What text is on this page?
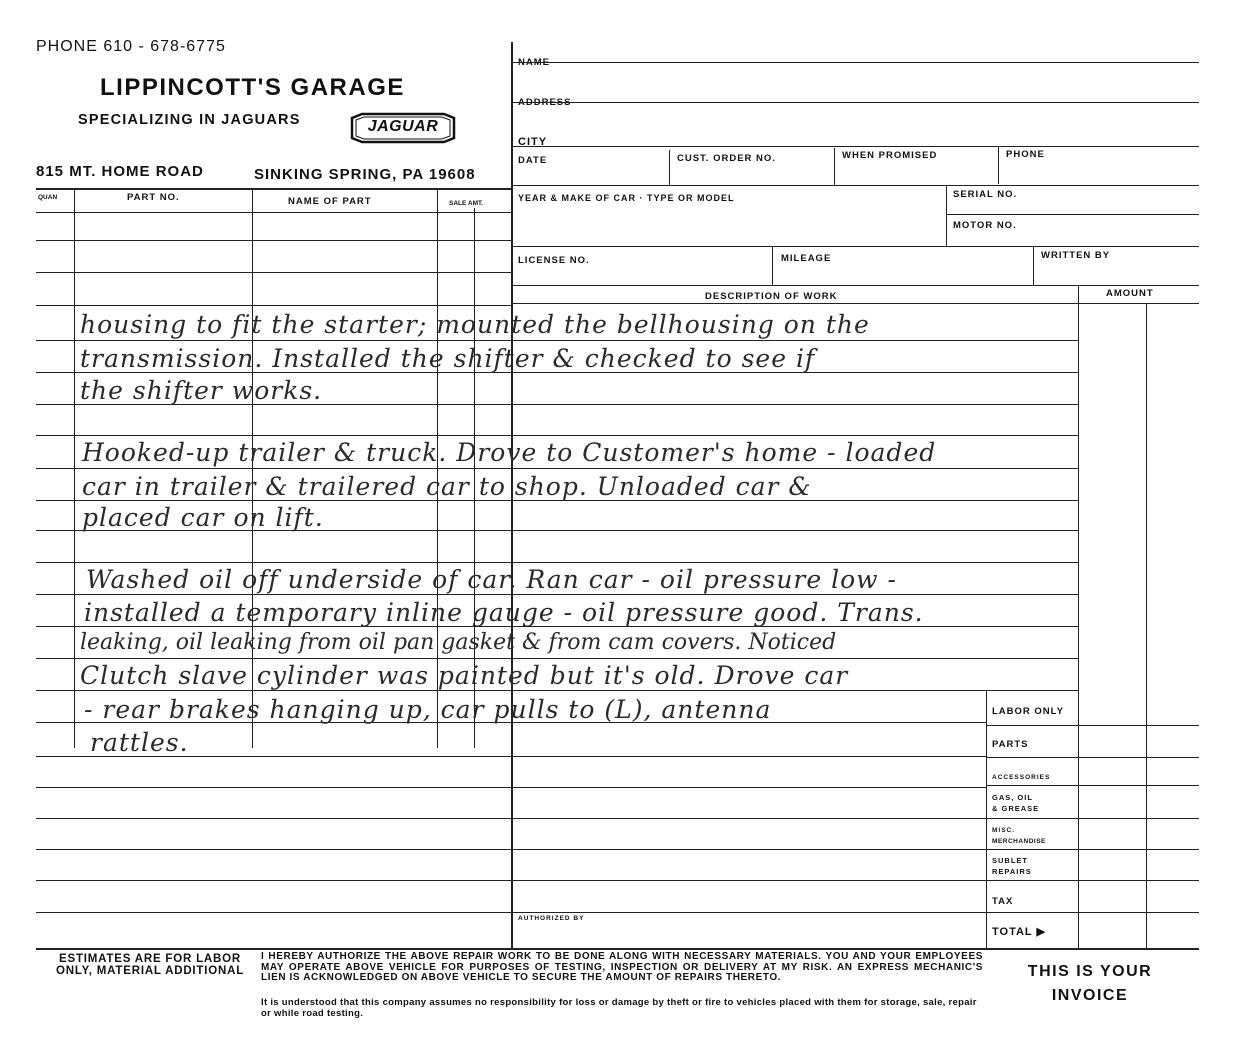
PHONE 610 - 678-6775
LIPPINCOTT'S GARAGE
SPECIALIZING IN JAGUARS	JAGUAR
815 MT. HOME ROAD	SINKING SPRING, PA 19608
QUAN	PART NO.	NAME OF PART	SALE AMT.
NAME
ADDRESS
CITY
DATE	CUST. ORDER NO.	WHEN PROMISED	PHONE
YEAR & MAKE OF CAR · TYPE OR MODEL	SERIAL NO.
MOTOR NO.
LICENSE NO.	MILEAGE	WRITTEN BY
DESCRIPTION OF WORK	AMOUNT
LABOR ONLY
PARTS
ACCESSORIES
GAS, OIL
& GREASE
MISC.
MERCHANDISE
SUBLET
REPAIRS
TAX
TOTAL ▶
AUTHORIZED BY
housing to fit the starter; mounted the bellhousing on the
transmission. Installed the shifter & checked to see if
the shifter works.
Hooked-up trailer & truck. Drove to Customer's home - loaded
car in trailer & trailered car to shop. Unloaded car &
placed car on lift.
Washed oil off underside of car. Ran car - oil pressure low -
installed a temporary inline gauge - oil pressure good. Trans.
leaking, oil leaking from oil pan gasket & from cam covers. Noticed
Clutch slave cylinder was painted but it's old. Drove car
- rear brakes hanging up, car pulls to (L), antenna
rattles.
ESTIMATES ARE FOR LABOR ONLY, MATERIAL ADDITIONAL
I HEREBY AUTHORIZE THE ABOVE REPAIR WORK TO BE DONE ALONG WITH NECESSARY MATERIALS. YOU AND YOUR EMPLOYEES MAY OPERATE ABOVE VEHICLE FOR PURPOSES OF TESTING, INSPECTION OR DELIVERY AT MY RISK. AN EXPRESS MECHANIC'S LIEN IS ACKNOWLEDGED ON ABOVE VEHICLE TO SECURE THE AMOUNT OF REPAIRS THERETO.
It is understood that this company assumes no responsibility for loss or damage by theft or fire to vehicles placed with them for storage, sale, repair or while road testing.
THIS IS YOUR
INVOICE
